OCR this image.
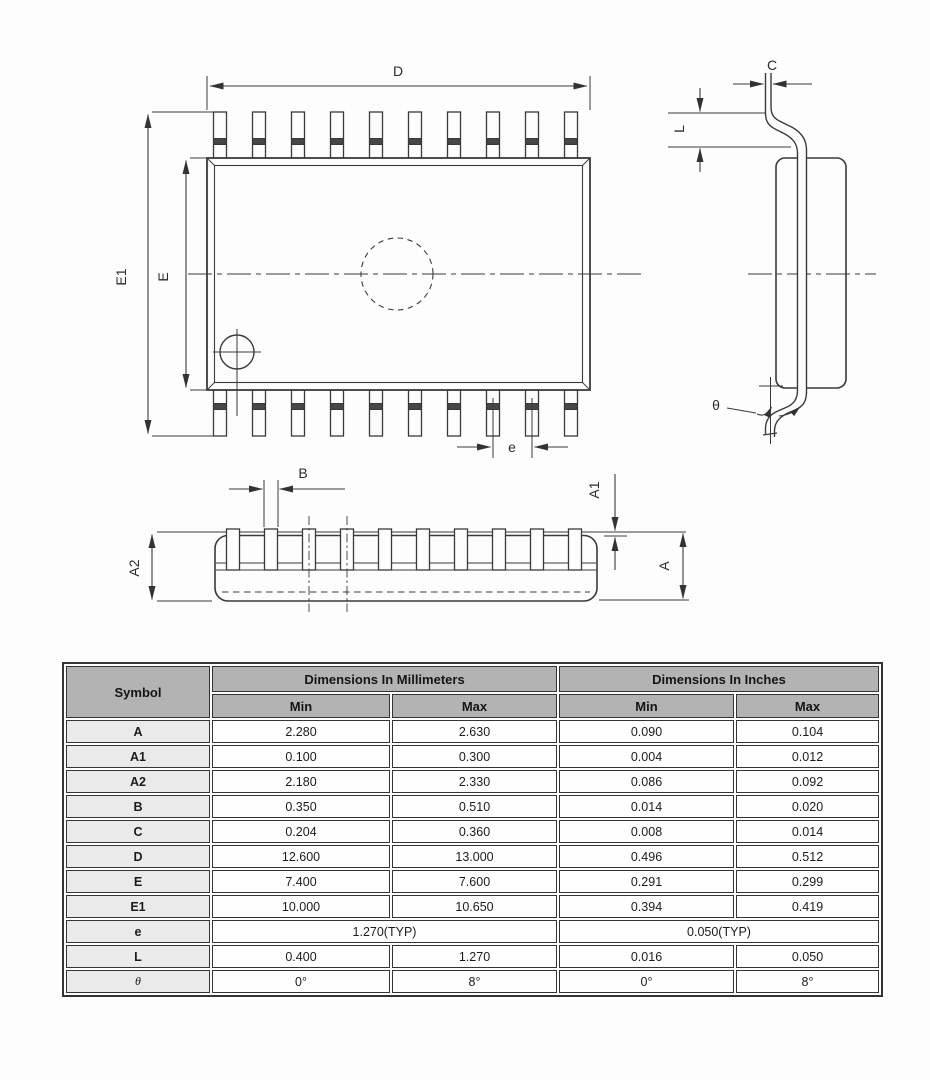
D
E1 E
e
C
L
θ
B
A2	A
A1
Symbol	Dimensions In Millimeters		Dimensions In Inches	
	Min	Max	Min	Max
A	2.280	2.630	0.090	0.104
A1	0.100	0.300	0.004	0.012
A2	2.180	2.330	0.086	0.092
B	0.350	0.510	0.014	0.020
C	0.204	0.360	0.008	0.014
D	12.600	13.000	0.496	0.512
E	7.400	7.600	0.291	0.299
E1	10.000	10.650	0.394	0.419
e	1.270(TYP)		0.050(TYP)	
L	0.400	1.270	0.016	0.050
θ	0°	8°	0°	8°
